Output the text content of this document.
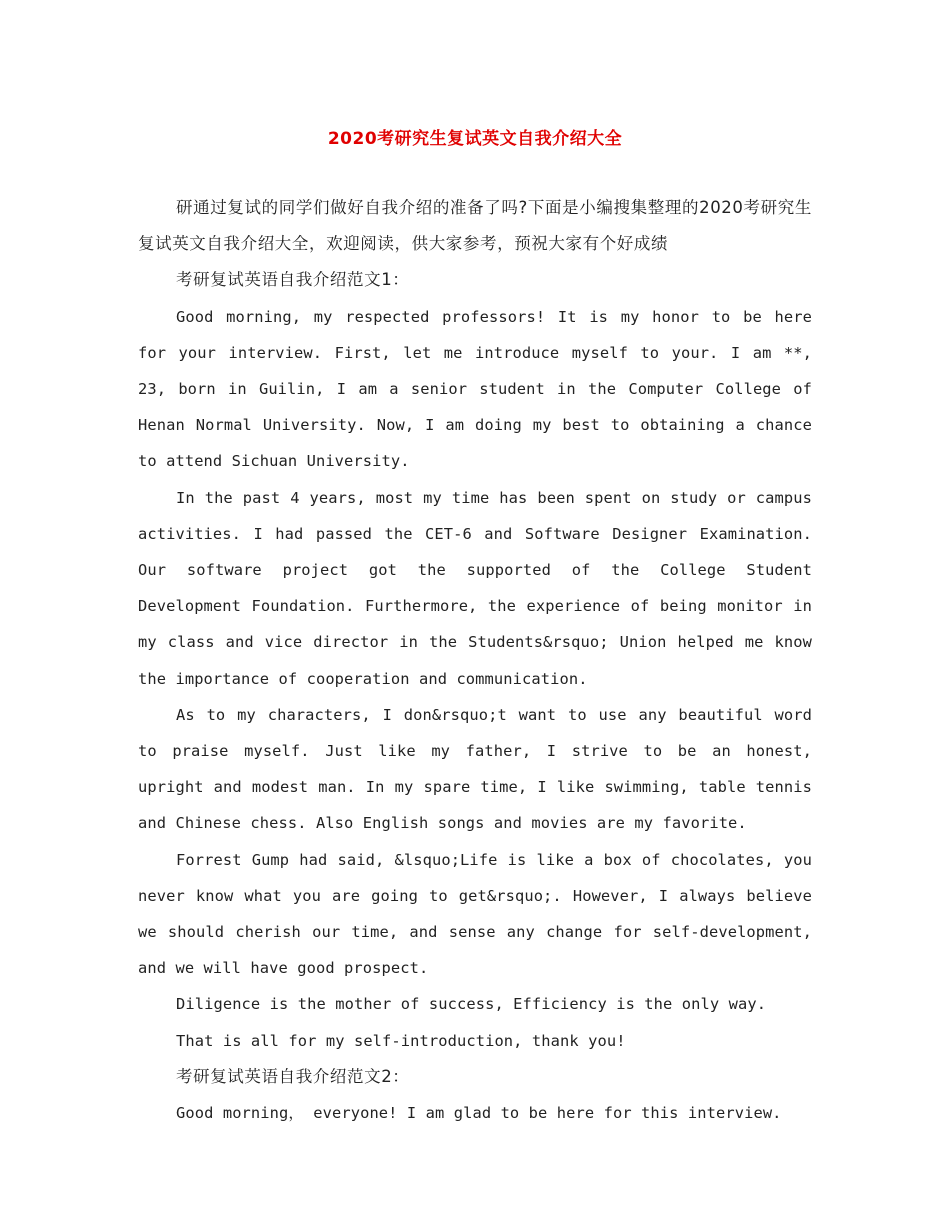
2020考研究生复试英文自我介绍大全

研通过复试的同学们做好自我介绍的准备了吗?下面是小编搜集整理的2020考研究生复试英文自我介绍大全，欢迎阅读，供大家参考，预祝大家有个好成绩

考研复试英语自我介绍范文1：

Good morning, my respected professors! It is my honor to be here for your interview. First, let me introduce myself to your. I am **, 23, born in Guilin, I am a senior student in the Computer College of Henan Normal University. Now, I am doing my best to obtaining a chance to attend Sichuan University.

In the past 4 years, most my time has been spent on study or campus activities. I had passed the CET-6 and Software Designer Examination. Our software project got the supported of the College Student Development Foundation. Furthermore, the experience of being monitor in my class and vice director in the Students&rsquo; Union helped me know the importance of cooperation and communication.

As to my characters, I don&rsquo;t want to use any beautiful word to praise myself. Just like my father, I strive to be an honest, upright and modest man. In my spare time, I like swimming, table tennis and Chinese chess. Also English songs and movies are my favorite.

Forrest Gump had said, &lsquo;Life is like a box of chocolates, you never know what you are going to get&rsquo;. However, I always believe we should cherish our time, and sense any change for self-development, and we will have good prospect.

Diligence is the mother of success, Efficiency is the only way.

That is all for my self-introduction, thank you!

考研复试英语自我介绍范文2：

Good morning， everyone! I am glad to be here for this interview.
